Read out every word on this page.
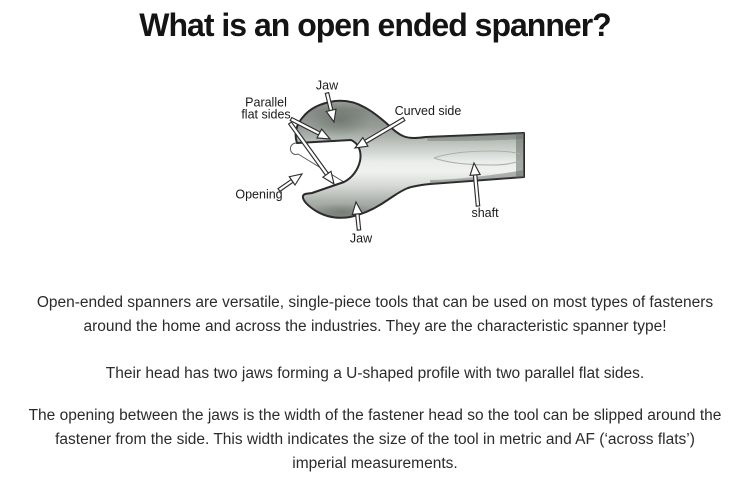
What is an open ended spanner?
Jaw
Parallel
flat sides	Curved side
Opening
shaft
Jaw
Open-ended spanners are versatile, single-piece tools that can be used on most types of fasteners
around the home and across the industries. They are the characteristic spanner type!
Their head has two jaws forming a U-shaped profile with two parallel flat sides.
The opening between the jaws is the width of the fastener head so the tool can be slipped around the
fastener from the side. This width indicates the size of the tool in metric and AF (‘across flats’)
imperial measurements.
